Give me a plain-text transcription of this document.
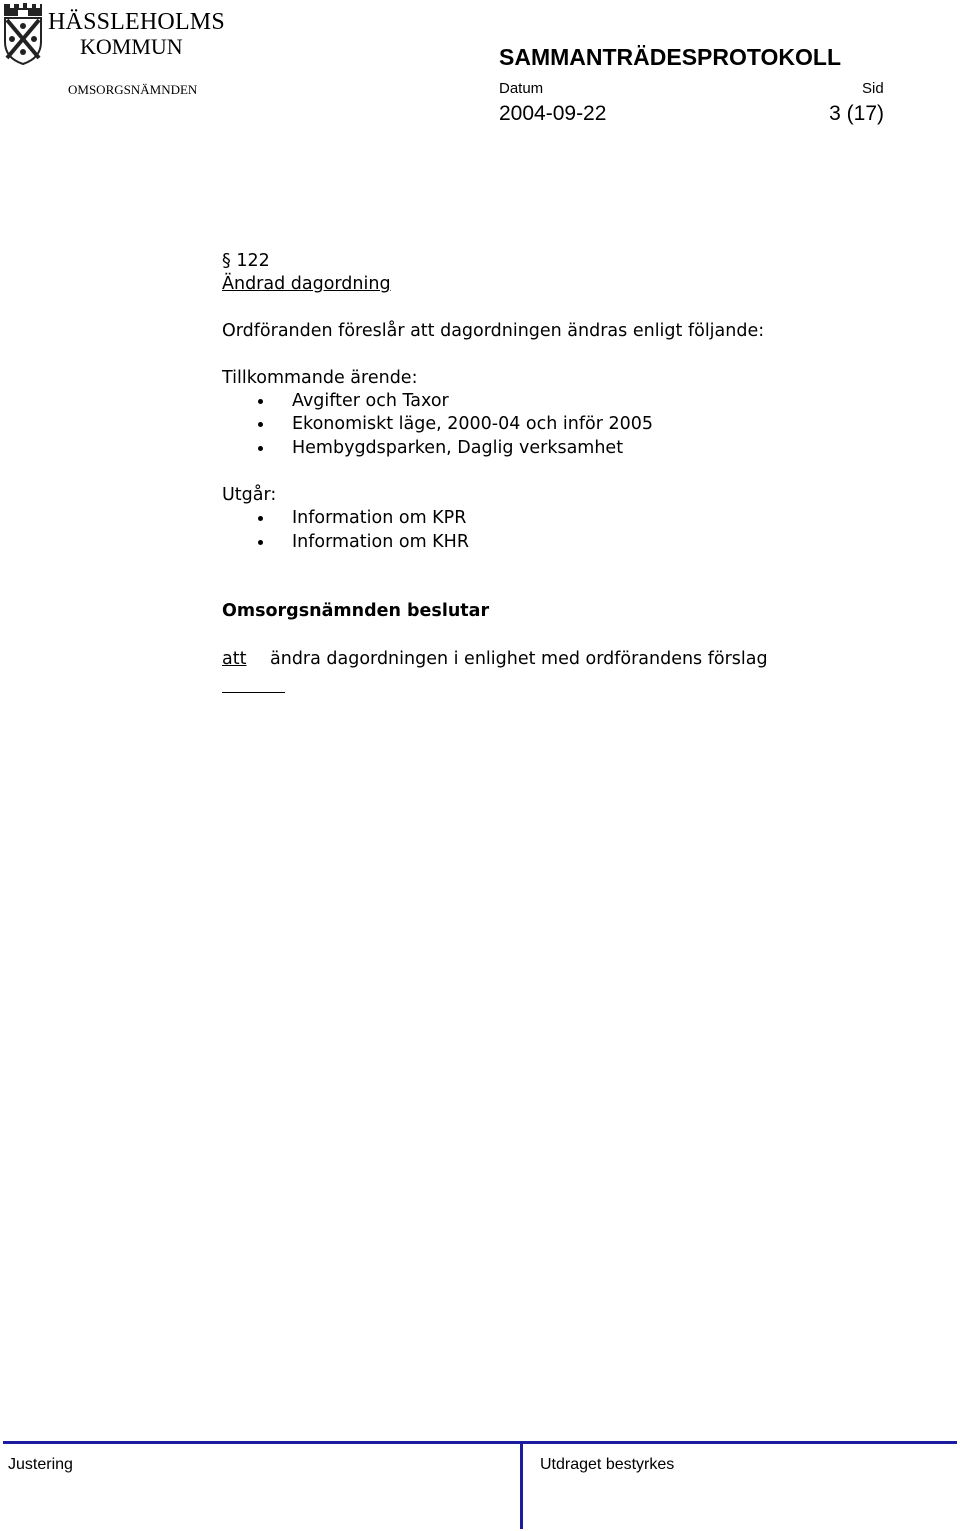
HÄSSLEHOLMS
KOMMUN	SAMMANTRÄDESPROTOKOLL
OMSORGSNÄMNDEN	Datum	Sid
2004-09-22	3 (17)
§ 122
Ändrad dagordning
Ordföranden föreslår att dagordningen ändras enligt följande:
Tillkommande ärende:
Avgifter och Taxor
Ekonomiskt läge, 2000-04 och inför 2005
Hembygdsparken, Daglig verksamhet
Utgår:
Information om KPR
Information om KHR
Omsorgsnämnden beslutar
att ändra dagordningen i enlighet med ordförandens förslag
Justering	Utdraget bestyrkes
